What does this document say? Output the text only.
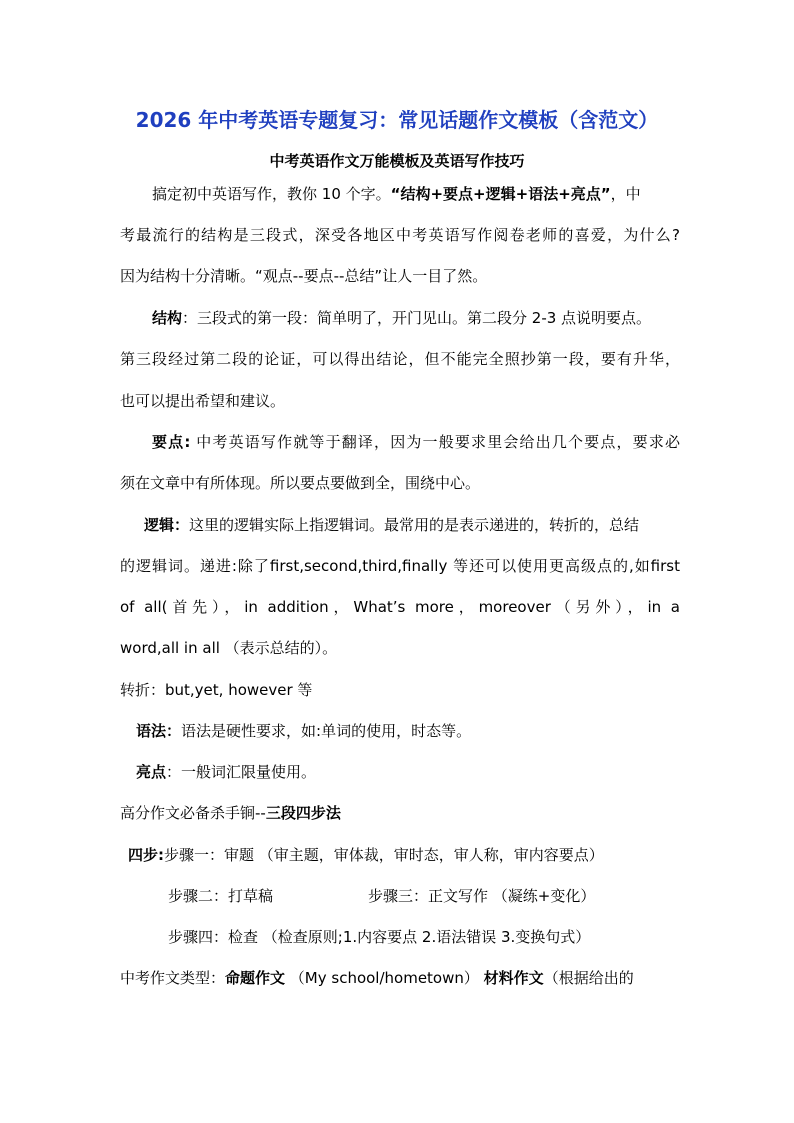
2026 年中考英语专题复习：常见话题作文模板（含范文）
中考英语作文万能模板及英语写作技巧
搞定初中英语写作，教你 10 个字。“结构+要点+逻辑+语法+亮点”，中
考最流行的结构是三段式，深受各地区中考英语写作阅卷老师的喜爱，为什么?
因为结构十分清晰。“观点--要点--总结”让人一目了然。
结构：三段式的第一段：简单明了，开门见山。第二段分 2-3 点说明要点。
第三段经过第二段的论证，可以得出结论，但不能完全照抄第一段，要有升华，
也可以提出希望和建议。
要点: 中考英语写作就等于翻译，因为一般要求里会给出几个要点，要求必
须在文章中有所体现。所以要点要做到全，围绕中心。
逻辑：这里的逻辑实际上指逻辑词。最常用的是表示递进的，转折的，总结
的逻辑词。递进:除了first,second,third,finally 等还可以使用更高级点的,如first
of all(首先），in addition，What’s more，moreover（另外），in a
word,all in all （表示总结的）。
转折：but,yet, however 等
语法：语法是硬性要求，如:单词的使用，时态等。
亮点：一般词汇限量使用。
高分作文必备杀手锏--三段四步法
四步:步骤一：审题 （审主题，审体裁，审时态，审人称，审内容要点）
步骤二：打草稿	步骤三：正文写作 （凝练+变化）
步骤四：检查 （检查原则;1.内容要点 2.语法错误 3.变换句式）
中考作文类型：命题作文 （My school/hometown） 材料作文（根据给出的
